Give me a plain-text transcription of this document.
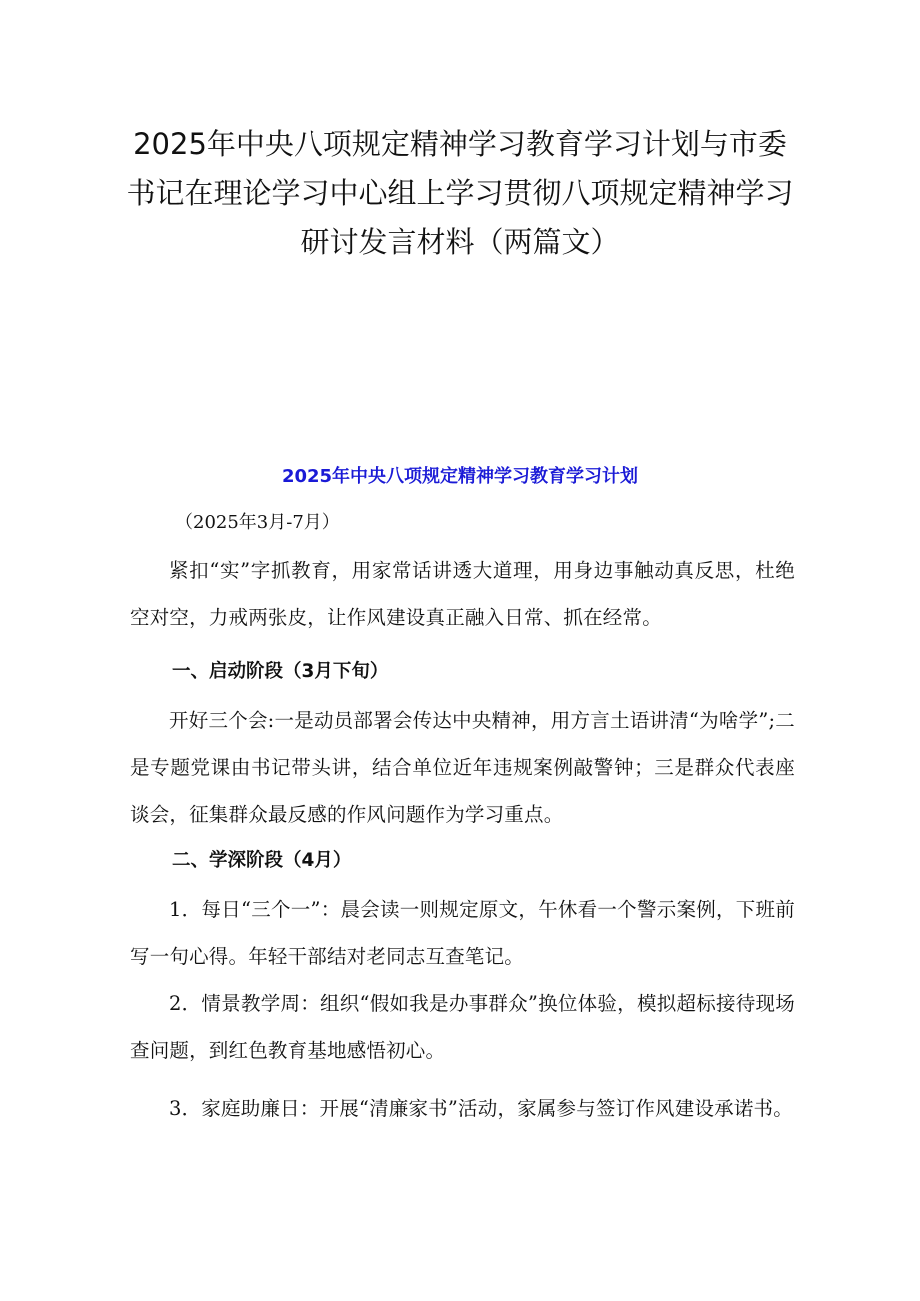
2025年中央八项规定精神学习教育学习计划与市委书记在理论学习中心组上学习贯彻八项规定精神学习研讨发言材料（两篇文）
2025年中央八项规定精神学习教育学习计划

（2025年3月-7月）

紧扣“实”字抓教育，用家常话讲透大道理，用身边事触动真反思，杜绝空对空，力戒两张皮，让作风建设真正融入日常、抓在经常。

一、启动阶段（3月下旬）

开好三个会:一是动员部署会传达中央精神，用方言土语讲清“为啥学”;二是专题党课由书记带头讲，结合单位近年违规案例敲警钟；三是群众代表座谈会，征集群众最反感的作风问题作为学习重点。

二、学深阶段（4月）

1．每日“三个一”：晨会读一则规定原文，午休看一个警示案例，下班前写一句心得。年轻干部结对老同志互查笔记。

2．情景教学周：组织“假如我是办事群众”换位体验，模拟超标接待现场查问题，到红色教育基地感悟初心。

3．家庭助廉日：开展“清廉家书”活动，家属参与签订作风建设承诺书。
